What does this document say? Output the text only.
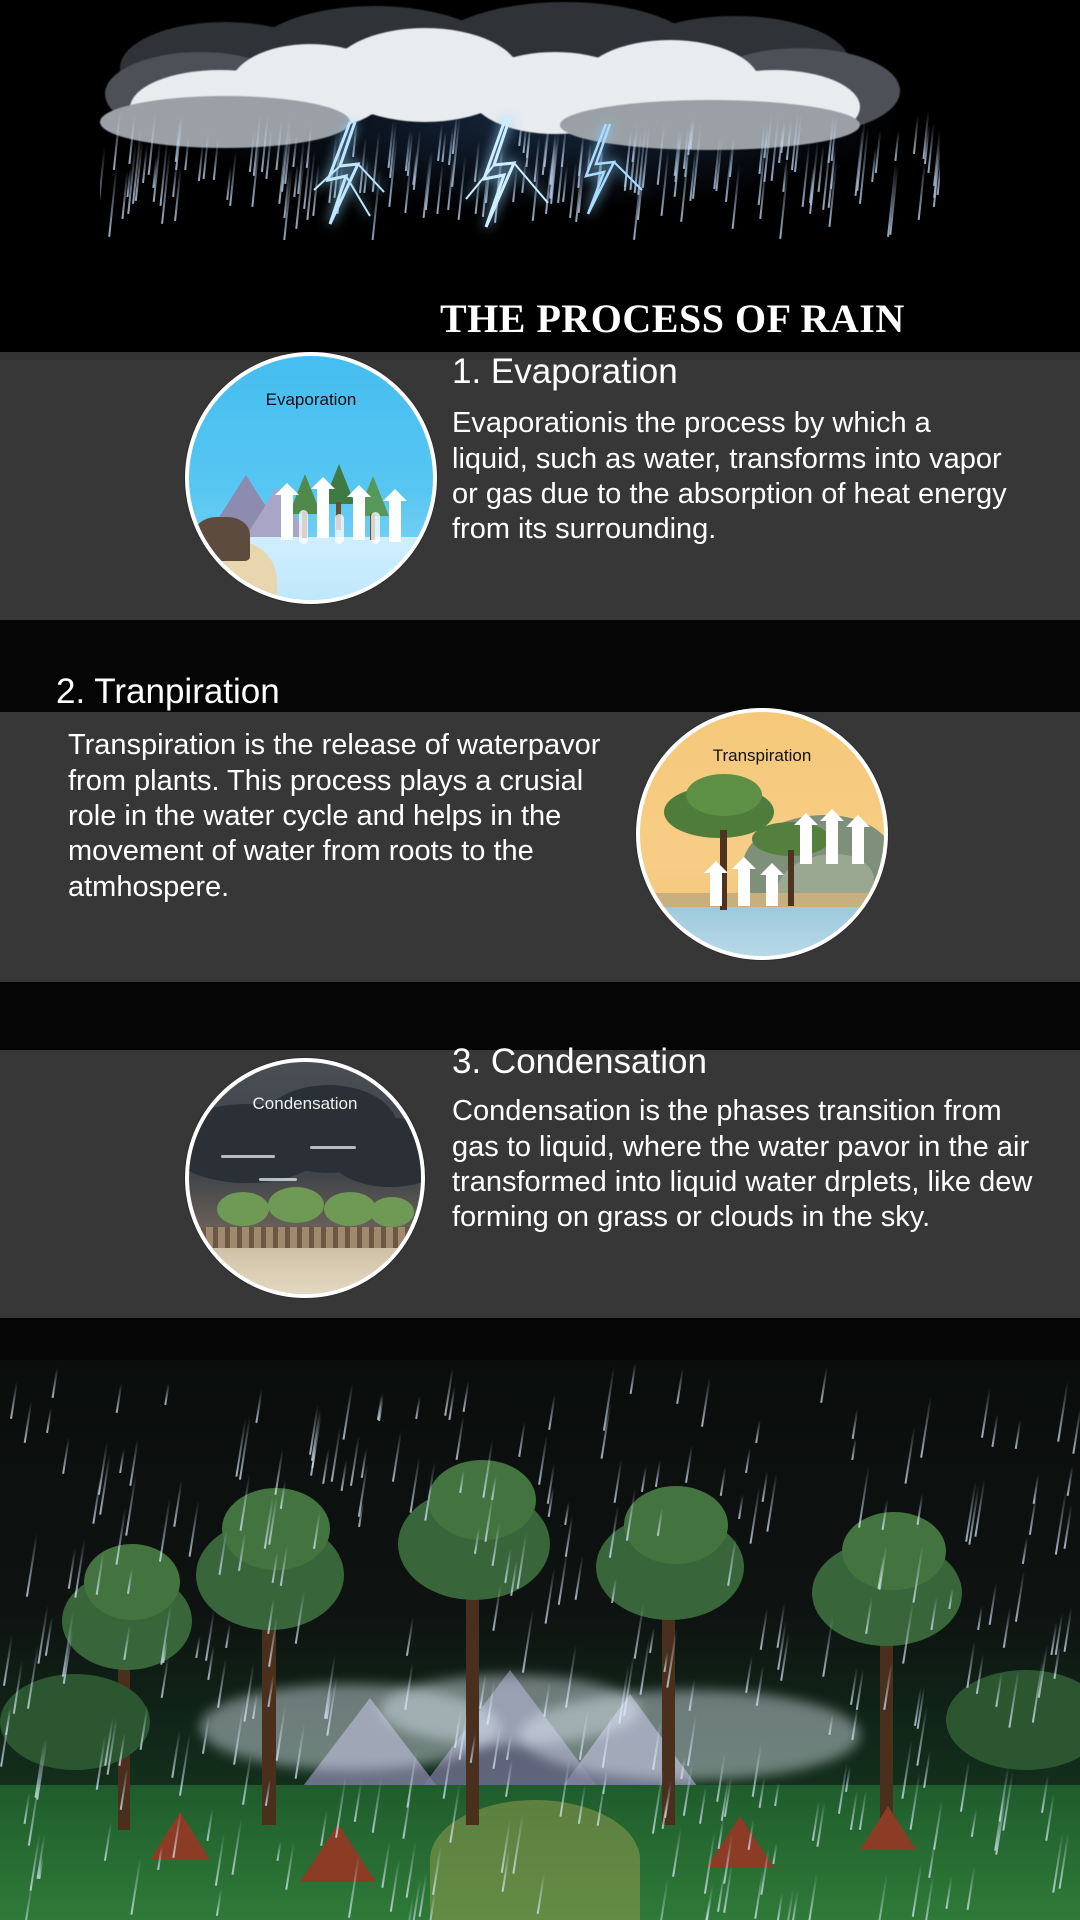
THE PROCESS OF RAIN
Evaporation
1. Evaporation
Evaporationis the process by which a liquid, such as water, transforms into vapor or gas due to the absorption of heat energy from its surrounding.
2. Tranpiration
Transpiration is the release of waterpavor from plants. This process plays a crusial role in the water cycle and helps in the movement of water from roots to the atmhospere.
Transpiration
Condensation
3. Condensation
Condensation is the phases transition from gas to liquid, where the water pavor in the air transformed into liquid water drplets, like dew forming on grass or clouds in the sky.
